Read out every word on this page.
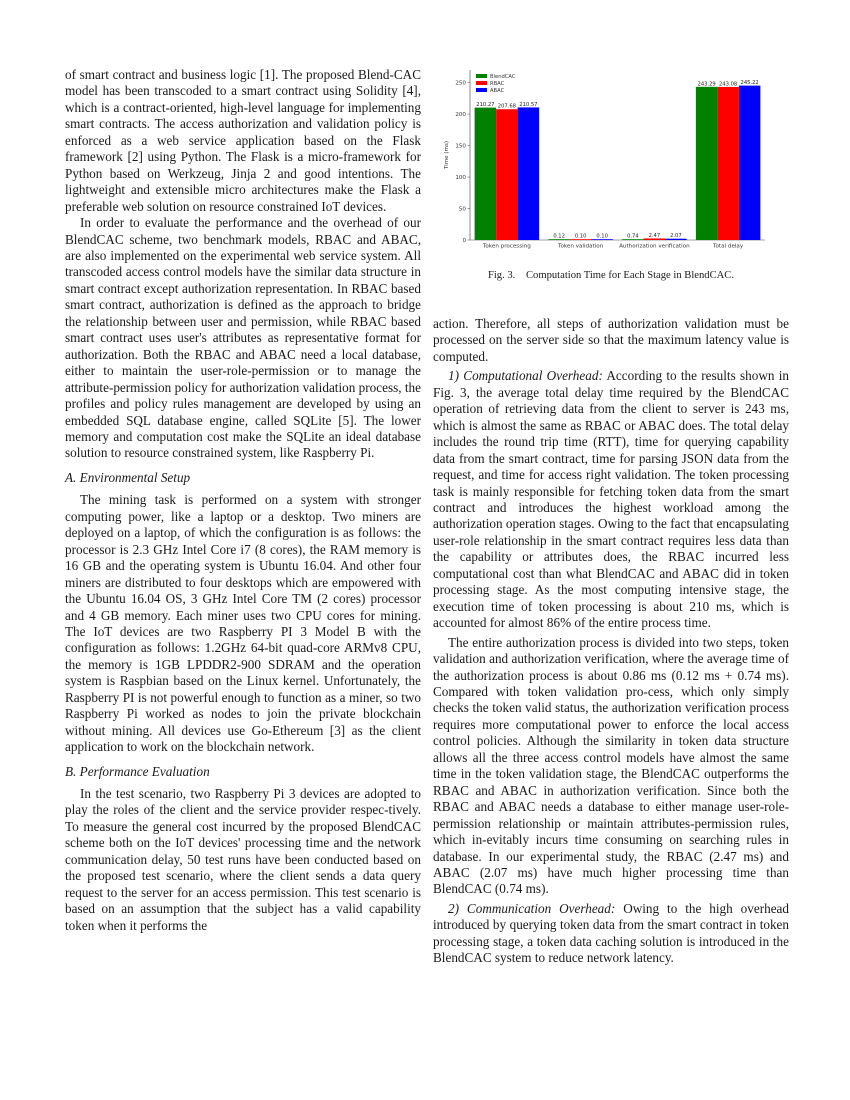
of smart contract and business logic [1]. The proposed Blend-CAC model has been transcoded to a smart contract using Solidity [4], which is a contract-oriented, high-level language for implementing smart contracts. The access authorization and validation policy is enforced as a web service application based on the Flask framework [2] using Python. The Flask is a micro-framework for Python based on Werkzeug, Jinja 2 and good intentions. The lightweight and extensible micro architectures make the Flask a preferable web solution on resource constrained IoT devices.

In order to evaluate the performance and the overhead of our BlendCAC scheme, two benchmark models, RBAC and ABAC, are also implemented on the experimental web service system. All transcoded access control models have the similar data structure in smart contract except authorization representation. In RBAC based smart contract, authorization is defined as the approach to bridge the relationship between user and permission, while RBAC based smart contract uses user's attributes as representative format for authorization. Both the RBAC and ABAC need a local database, either to maintain the user-role-permission or to manage the attribute-permission policy for authorization validation process, the profiles and policy rules management are developed by using an embedded SQL database engine, called SQLite [5]. The lower memory and computation cost make the SQLite an ideal database solution to resource constrained system, like Raspberry Pi.

A. Environmental Setup

The mining task is performed on a system with stronger computing power, like a laptop or a desktop. Two miners are deployed on a laptop, of which the configuration is as follows: the processor is 2.3 GHz Intel Core i7 (8 cores), the RAM memory is 16 GB and the operating system is Ubuntu 16.04. And other four miners are distributed to four desktops which are empowered with the Ubuntu 16.04 OS, 3 GHz Intel Core TM (2 cores) processor and 4 GB memory. Each miner uses two CPU cores for mining. The IoT devices are two Raspberry PI 3 Model B with the configuration as follows: 1.2GHz 64-bit quad-core ARMv8 CPU, the memory is 1GB LPDDR2-900 SDRAM and the operation system is Raspbian based on the Linux kernel. Unfortunately, the Raspberry PI is not powerful enough to function as a miner, so two Raspberry Pi worked as nodes to join the private blockchain without mining. All devices use Go-Ethereum [3] as the client application to work on the blockchain network.

B. Performance Evaluation

In the test scenario, two Raspberry Pi 3 devices are adopted to play the roles of the client and the service provider respec-tively. To measure the general cost incurred by the proposed BlendCAC scheme both on the IoT devices' processing time and the network communication delay, 50 test runs have been conducted based on the proposed test scenario, where the client sends a data query request to the server for an access permission. This test scenario is based on an assumption that the subject has a valid capability token when it performs the

0
50
100
150
200
250
Time (ms)
210.27 207.68 210.57
Token processing
0.12 0.10 0.10
Token validation
0.74 2.47 2.07
Authorization verification
243.29 243.08 245.22
Total delay
BlendCAC
RBAC
ABAC
Fig. 3. Computation Time for Each Stage in BlendCAC.

action. Therefore, all steps of authorization validation must be processed on the server side so that the maximum latency value is computed.

1) Computational Overhead: According to the results shown in Fig. 3, the average total delay time required by the BlendCAC operation of retrieving data from the client to server is 243 ms, which is almost the same as RBAC or ABAC does. The total delay includes the round trip time (RTT), time for querying capability data from the smart contract, time for parsing JSON data from the request, and time for access right validation. The token processing task is mainly responsible for fetching token data from the smart contract and introduces the highest workload among the authorization operation stages. Owing to the fact that encapsulating user-role relationship in the smart contract requires less data than the capability or attributes does, the RBAC incurred less computational cost than what BlendCAC and ABAC did in token processing stage. As the most computing intensive stage, the execution time of token processing is about 210 ms, which is accounted for almost 86% of the entire process time.

The entire authorization process is divided into two steps, token validation and authorization verification, where the average time of the authorization process is about 0.86 ms (0.12 ms + 0.74 ms). Compared with token validation pro-cess, which only simply checks the token valid status, the authorization verification process requires more computational power to enforce the local access control policies. Although the similarity in token data structure allows all the three access control models have almost the same time in the token validation stage, the BlendCAC outperforms the RBAC and ABAC in authorization verification. Since both the RBAC and ABAC needs a database to either manage user-role-permission relationship or maintain attributes-permission rules, which in-evitably incurs time consuming on searching rules in database. In our experimental study, the RBAC (2.47 ms) and ABAC (2.07 ms) have much higher processing time than BlendCAC (0.74 ms).

2) Communication Overhead: Owing to the high overhead introduced by querying token data from the smart contract in token processing stage, a token data caching solution is introduced in the BlendCAC system to reduce network latency.
